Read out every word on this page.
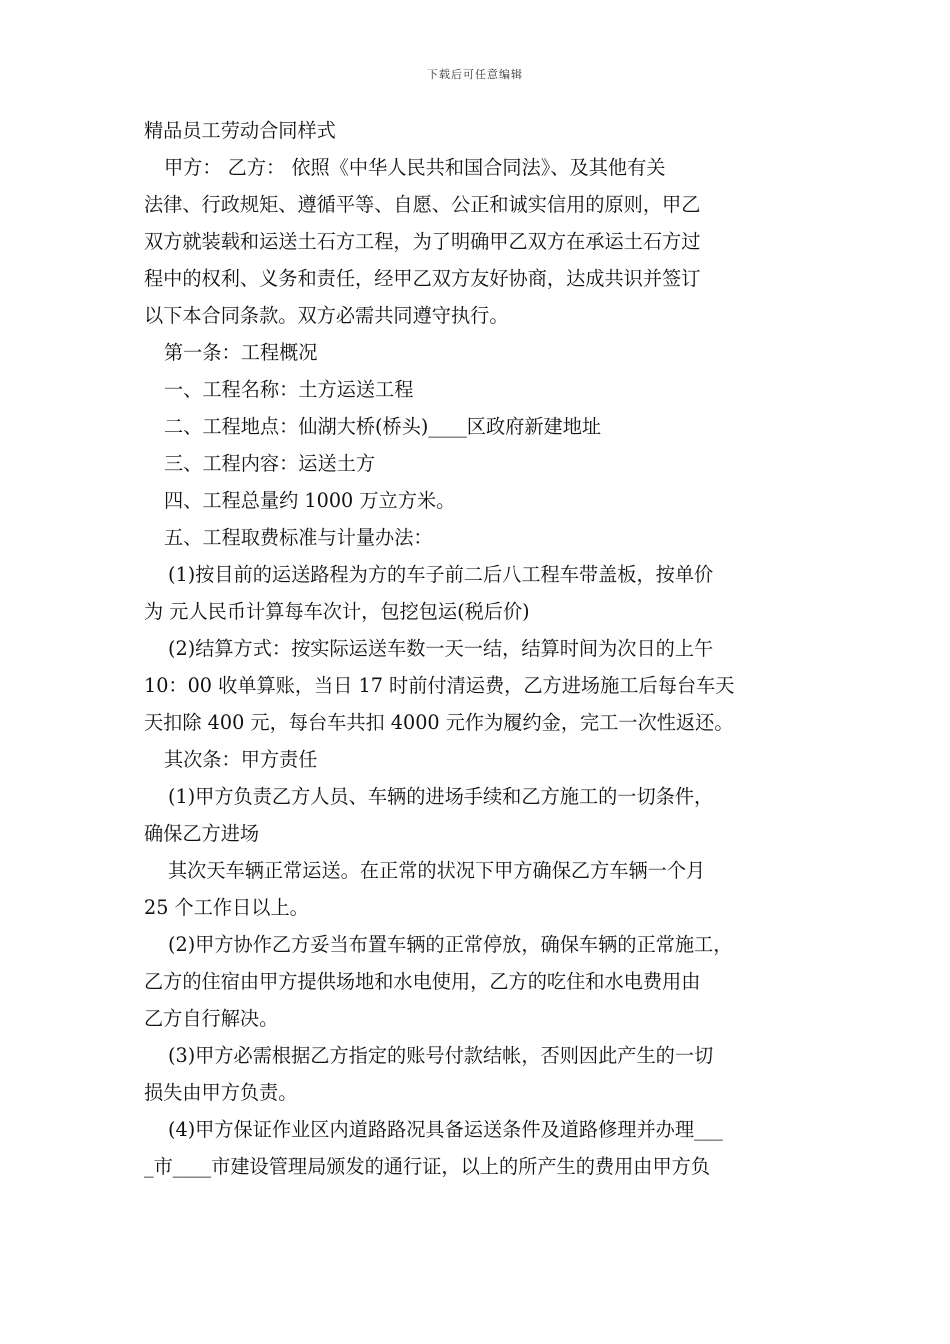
下载后可任意编辑
精品员工劳动合同样式
甲方： 乙方： 依照《中华人民共和国合同法》、及其他有关
法律、行政规矩、遵循平等、自愿、公正和诚实信用的原则，甲乙
双方就装载和运送土石方工程，为了明确甲乙双方在承运土石方过
程中的权利、义务和责任，经甲乙双方友好协商，达成共识并签订
以下本合同条款。双方必需共同遵守执行。
第一条：工程概况
一、工程名称：土方运送工程
二、工程地点：仙湖大桥(桥头)____区政府新建地址
三、工程内容：运送土方
四、工程总量约 1000 万立方米。
五、工程取费标准与计量办法：
(1)按目前的运送路程为方的车子前二后八工程车带盖板，按单价
为 元人民币计算每车次计，包挖包运(税后价)
(2)结算方式：按实际运送车数一天一结，结算时间为次日的上午
10：00 收单算账，当日 17 时前付清运费，乙方进场施工后每台车天
天扣除 400 元，每台车共扣 4000 元作为履约金，完工一次性返还。
其次条：甲方责任
(1)甲方负责乙方人员、车辆的进场手续和乙方施工的一切条件，
确保乙方进场
其次天车辆正常运送。在正常的状况下甲方确保乙方车辆一个月
25 个工作日以上。
(2)甲方协作乙方妥当布置车辆的正常停放，确保车辆的正常施工，
乙方的住宿由甲方提供场地和水电使用，乙方的吃住和水电费用由
乙方自行解决。
(3)甲方必需根据乙方指定的账号付款结帐，否则因此产生的一切
损失由甲方负责。
(4)甲方保证作业区内道路路况具备运送条件及道路修理并办理___
_市____市建设管理局颁发的通行证，以上的所产生的费用由甲方负
